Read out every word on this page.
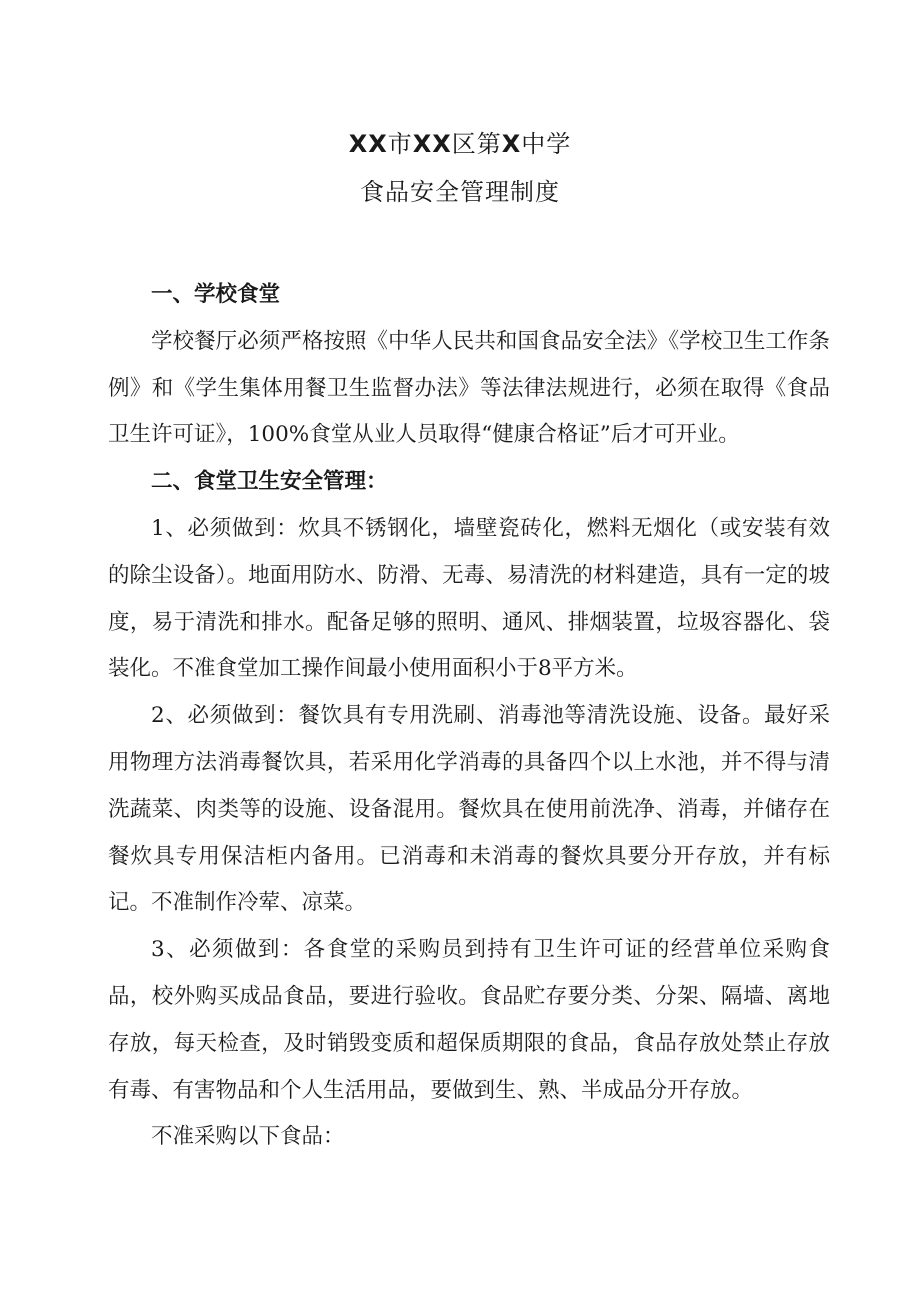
XX市XX区第X中学
食品安全管理制度

一、学校食堂

学校餐厅必须严格按照《中华人民共和国食品安全法》《学校卫生工作条例》和《学生集体用餐卫生监督办法》等法律法规进行，必须在取得《食品卫生许可证》，100%食堂从业人员取得“健康合格证”后才可开业。

二、食堂卫生安全管理：

1、必须做到：炊具不锈钢化，墙壁瓷砖化，燃料无烟化（或安装有效的除尘设备）。地面用防水、防滑、无毒、易清洗的材料建造，具有一定的坡度，易于清洗和排水。配备足够的照明、通风、排烟装置，垃圾容器化、袋装化。不准食堂加工操作间最小使用面积小于8平方米。

2、必须做到：餐饮具有专用洗刷、消毒池等清洗设施、设备。最好采用物理方法消毒餐饮具，若采用化学消毒的具备四个以上水池，并不得与清洗蔬菜、肉类等的设施、设备混用。餐炊具在使用前洗净、消毒，并储存在餐炊具专用保洁柜内备用。已消毒和未消毒的餐炊具要分开存放，并有标记。不准制作冷荤、凉菜。

3、必须做到：各食堂的采购员到持有卫生许可证的经营单位采购食品，校外购买成品食品，要进行验收。食品贮存要分类、分架、隔墙、离地存放，每天检查，及时销毁变质和超保质期限的食品，食品存放处禁止存放有毒、有害物品和个人生活用品，要做到生、熟、半成品分开存放。

不准采购以下食品：
